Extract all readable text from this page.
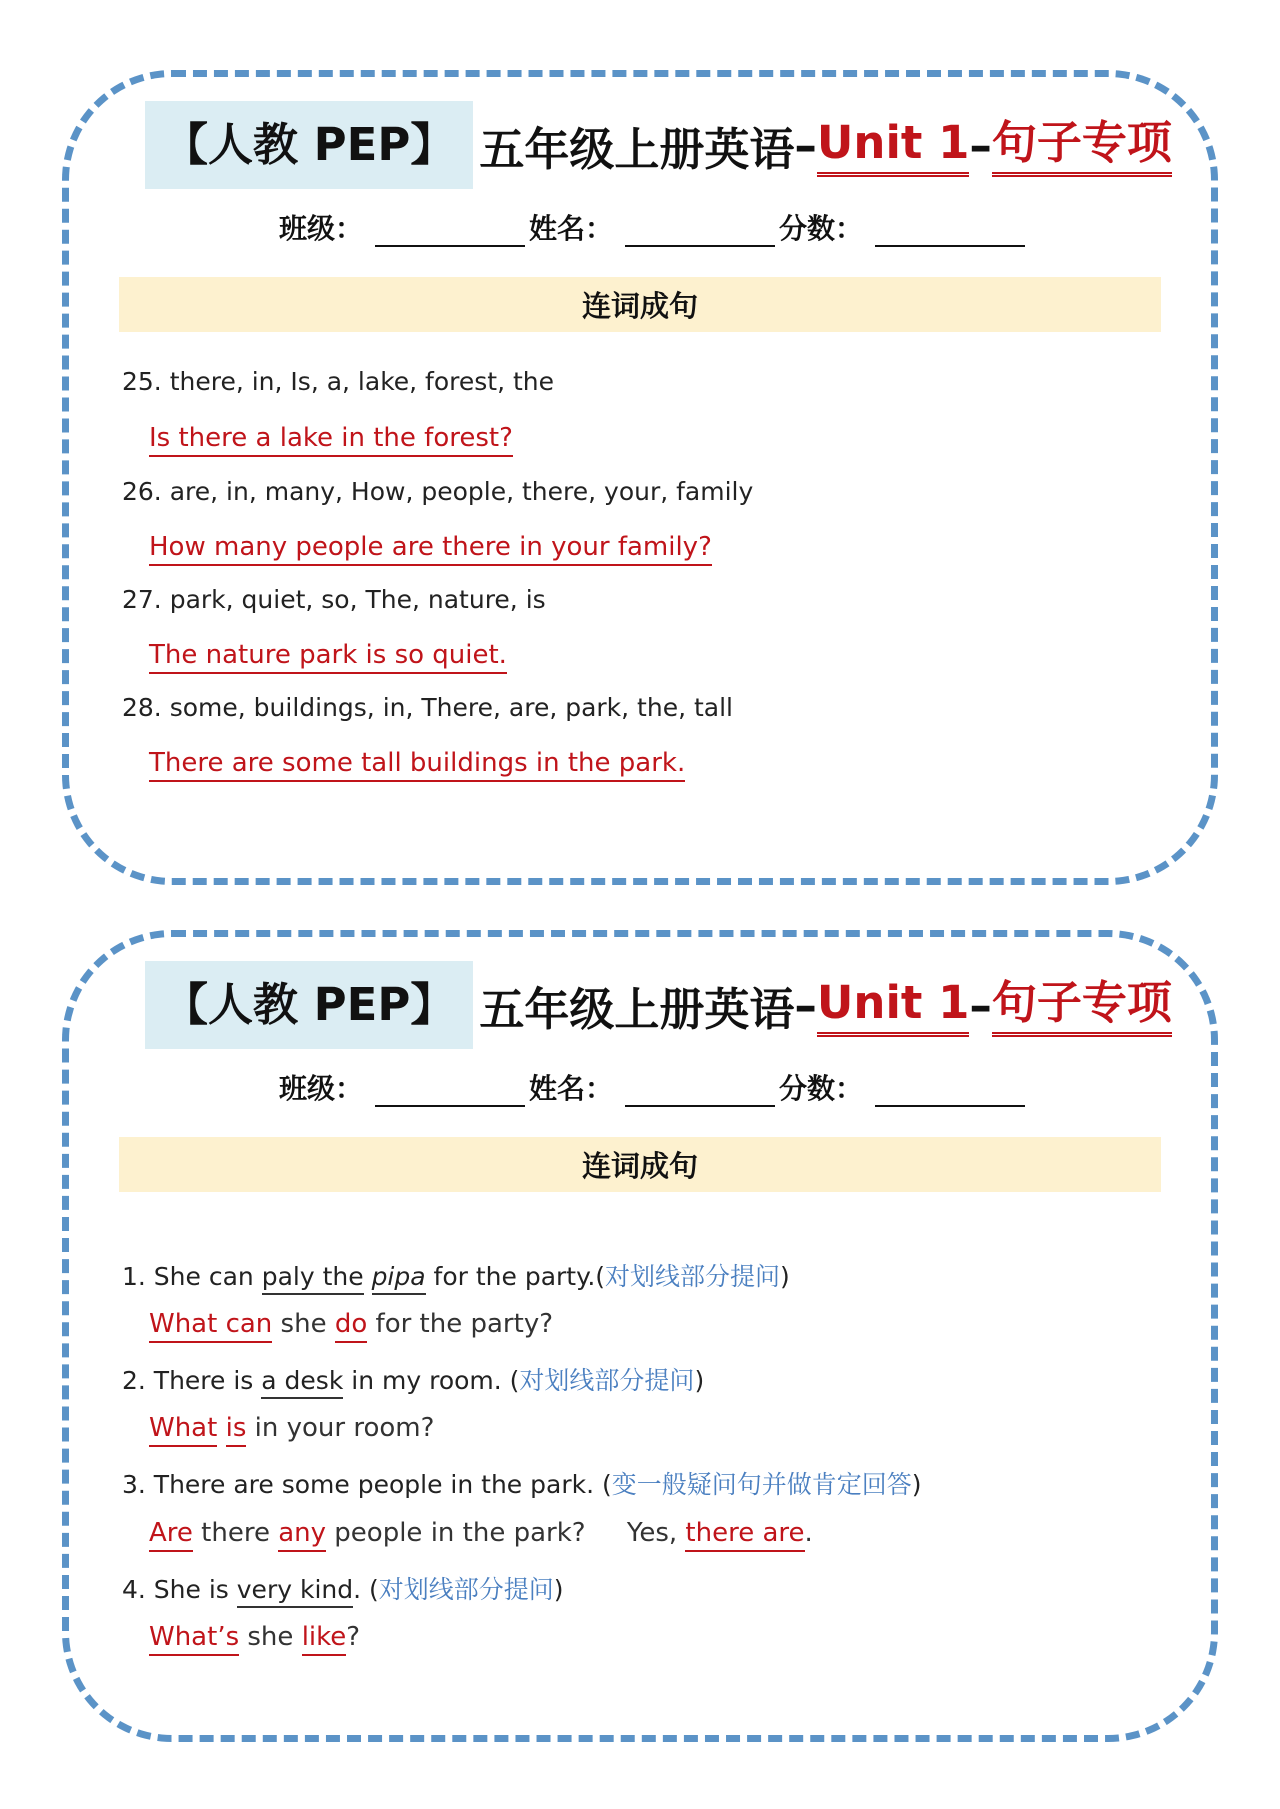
【人教 PEP】 五年级上册英语 – Unit 1 – 句子专项
班级：	姓名：	分数：
连词成句
25. there, in, Is, a, lake, forest, the
Is there a lake in the forest?
26. are, in, many, How, people, there, your, family
How many people are there in your family?
27. park, quiet, so, The, nature, is
The nature park is so quiet.
28. some, buildings, in, There, are, park, the, tall
There are some tall buildings in the park.
【人教 PEP】 五年级上册英语 – Unit 1 – 句子专项
班级：	姓名：	分数：
连词成句
1. She can paly the pipa for the party.(对划线部分提问)
What can she do for the party?
2. There is a desk in my room. (对划线部分提问)
What is in your room?
3. There are some people in the park. (变一般疑问句并做肯定回答)
Are there any people in the park?     Yes, there are.
4. She is very kind. (对划线部分提问)
What’s she like?
